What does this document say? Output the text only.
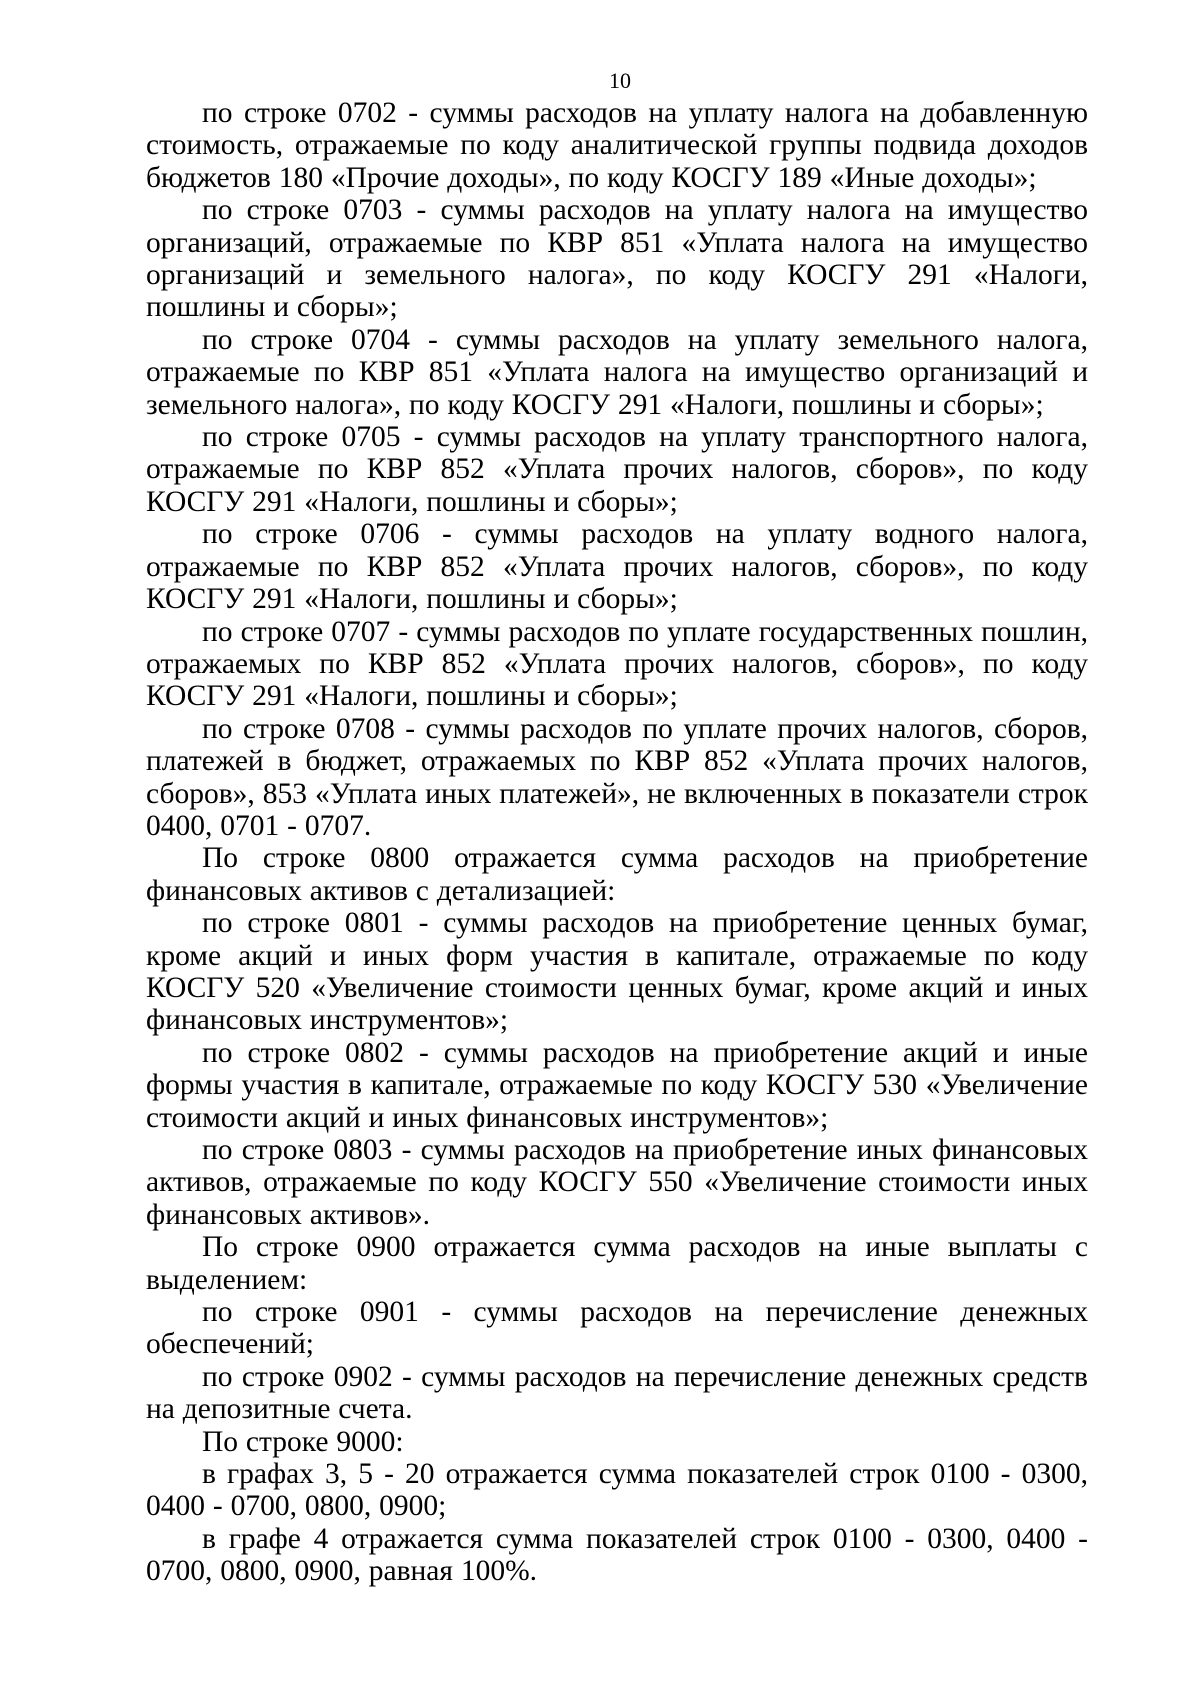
10

по строке 0702 - суммы расходов на уплату налога на добавленную стоимость, отражаемые по коду аналитической группы подвида доходов бюджетов 180 «Прочие доходы», по коду КОСГУ 189 «Иные доходы»;

по строке 0703 - суммы расходов на уплату налога на имущество организаций, отражаемые по КВР 851 «Уплата налога на имущество организаций и земельного налога», по коду КОСГУ 291 «Налоги, пошлины и сборы»;

по строке 0704 - суммы расходов на уплату земельного налога, отражаемые по КВР 851 «Уплата налога на имущество организаций и земельного налога», по коду КОСГУ 291 «Налоги, пошлины и сборы»;

по строке 0705 - суммы расходов на уплату транспортного налога, отражаемые по КВР 852 «Уплата прочих налогов, сборов», по коду КОСГУ 291 «Налоги, пошлины и сборы»;

по строке 0706 - суммы расходов на уплату водного налога, отражаемые по КВР 852 «Уплата прочих налогов, сборов», по коду КОСГУ 291 «Налоги, пошлины и сборы»;

по строке 0707 - суммы расходов по уплате государственных пошлин, отражаемых по КВР 852 «Уплата прочих налогов, сборов», по коду КОСГУ 291 «Налоги, пошлины и сборы»;

по строке 0708 - суммы расходов по уплате прочих налогов, сборов, платежей в бюджет, отражаемых по КВР 852 «Уплата прочих налогов, сборов», 853 «Уплата иных платежей», не включенных в показатели строк 0400, 0701 - 0707.

По строке 0800 отражается сумма расходов на приобретение финансовых активов с детализацией:

по строке 0801 - суммы расходов на приобретение ценных бумаг, кроме акций и иных форм участия в капитале, отражаемые по коду КОСГУ 520 «Увеличение стоимости ценных бумаг, кроме акций и иных финансовых инструментов»;

по строке 0802 - суммы расходов на приобретение акций и иные формы участия в капитале, отражаемые по коду КОСГУ 530 «Увеличение стоимости акций и иных финансовых инструментов»;

по строке 0803 - суммы расходов на приобретение иных финансовых активов, отражаемые по коду КОСГУ 550 «Увеличение стоимости иных финансовых активов».

По строке 0900 отражается сумма расходов на иные выплаты с выделением:

по строке 0901 - суммы расходов на перечисление денежных обеспечений;

по строке 0902 - суммы расходов на перечисление денежных средств на депозитные счета.

По строке 9000:

в графах 3, 5 - 20 отражается сумма показателей строк 0100 - 0300, 0400 - 0700, 0800, 0900;

в графе 4 отражается сумма показателей строк 0100 - 0300, 0400 - 0700, 0800, 0900, равная 100%.
